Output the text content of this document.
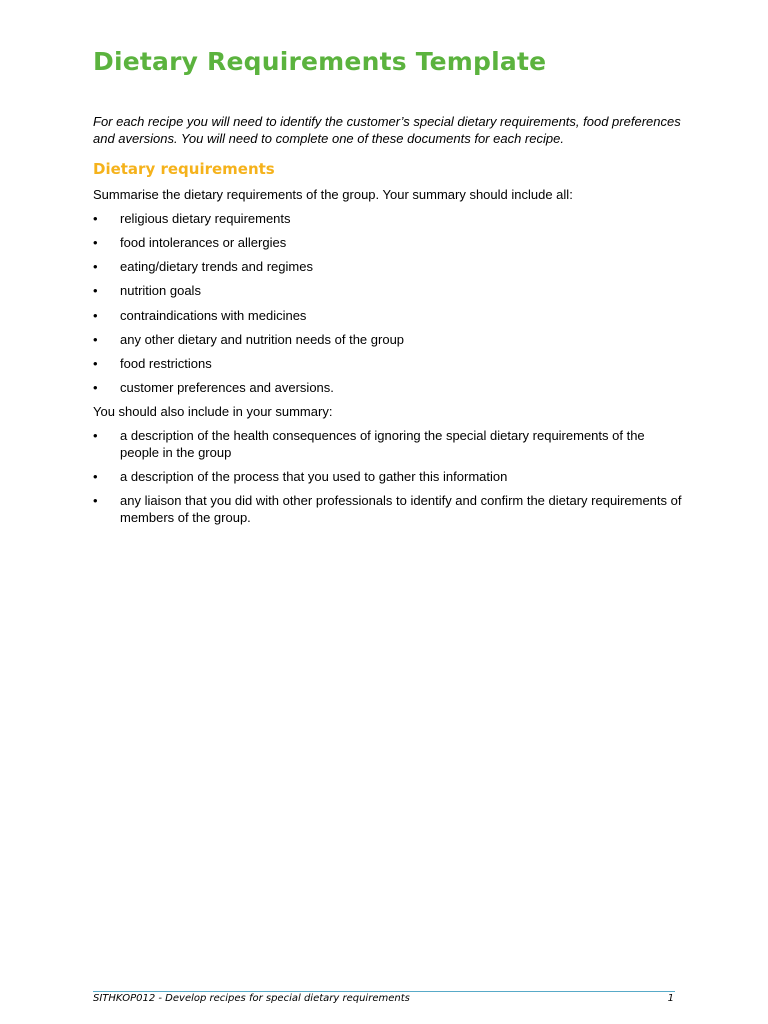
Dietary Requirements Template

For each recipe you will need to identify the customer’s special dietary requirements, food preferences and aversions. You will need to complete one of these documents for each recipe.

Dietary requirements

Summarise the dietary requirements of the group. Your summary should include all:

• religious dietary requirements
• food intolerances or allergies
• eating/dietary trends and regimes
• nutrition goals
• contraindications with medicines
• any other dietary and nutrition needs of the group
• food restrictions
• customer preferences and aversions.

You should also include in your summary:

• a description of the health consequences of ignoring the special dietary requirements of the people in the group
• a description of the process that you used to gather this information
• any liaison that you did with other professionals to identify and confirm the dietary requirements of members of the group.

SITHKOP012 - Develop recipes for special dietary requirements	1
